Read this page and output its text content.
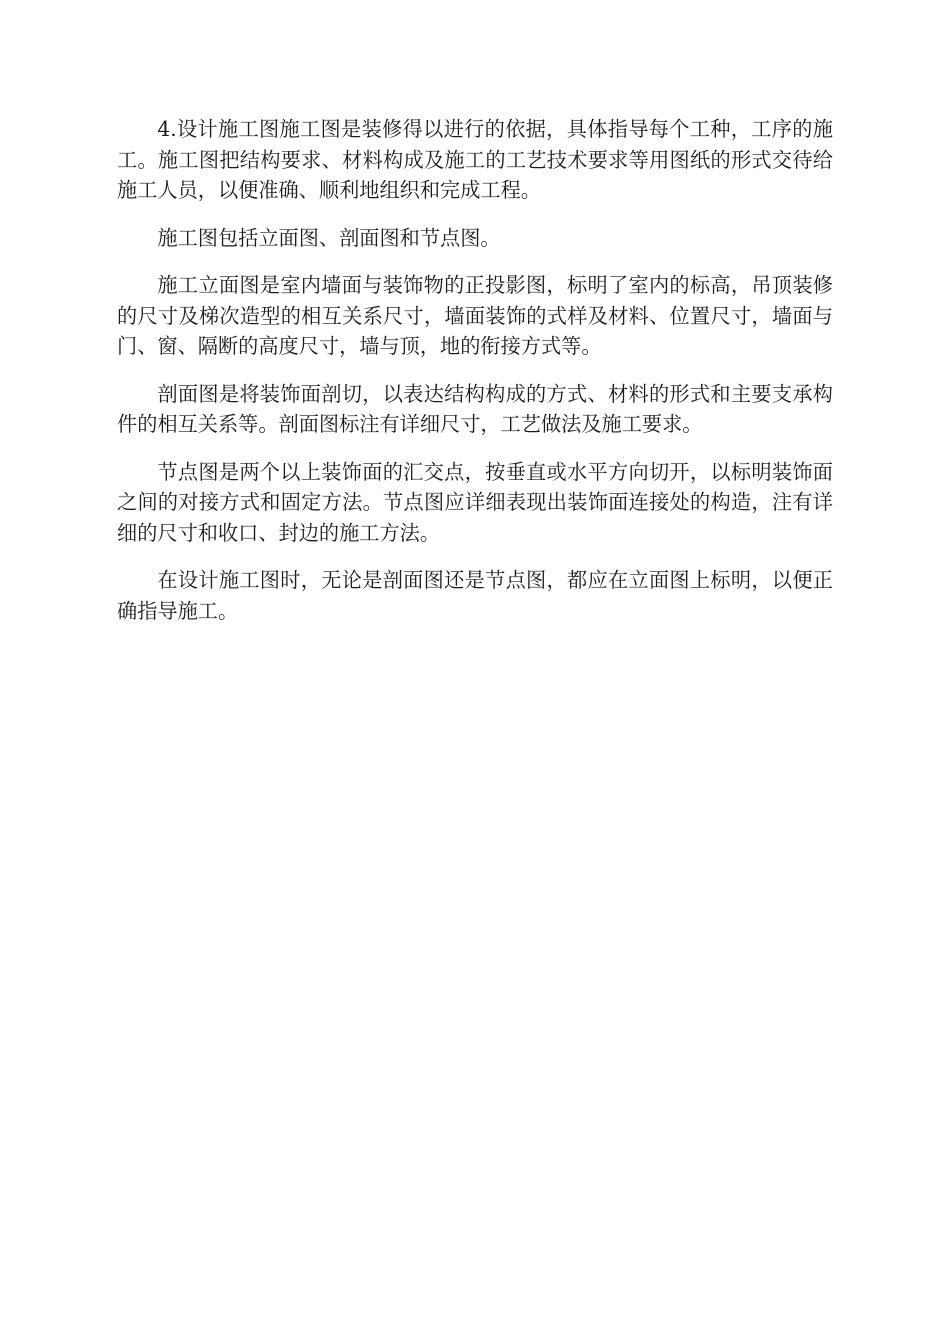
4.设计施工图施工图是装修得以进行的依据，具体指导每个工种，工序的施工。施工图把结构要求、材料构成及施工的工艺技术要求等用图纸的形式交待给施工人员，以便准确、顺利地组织和完成工程。

施工图包括立面图、剖面图和节点图。

施工立面图是室内墙面与装饰物的正投影图，标明了室内的标高，吊顶装修的尺寸及梯次造型的相互关系尺寸，墙面装饰的式样及材料、位置尺寸，墙面与门、窗、隔断的高度尺寸，墙与顶，地的衔接方式等。

剖面图是将装饰面剖切，以表达结构构成的方式、材料的形式和主要支承构件的相互关系等。剖面图标注有详细尺寸，工艺做法及施工要求。

节点图是两个以上装饰面的汇交点，按垂直或水平方向切开，以标明装饰面之间的对接方式和固定方法。节点图应详细表现出装饰面连接处的构造，注有详细的尺寸和收口、封边的施工方法。

在设计施工图时，无论是剖面图还是节点图，都应在立面图上标明，以便正确指导施工。
